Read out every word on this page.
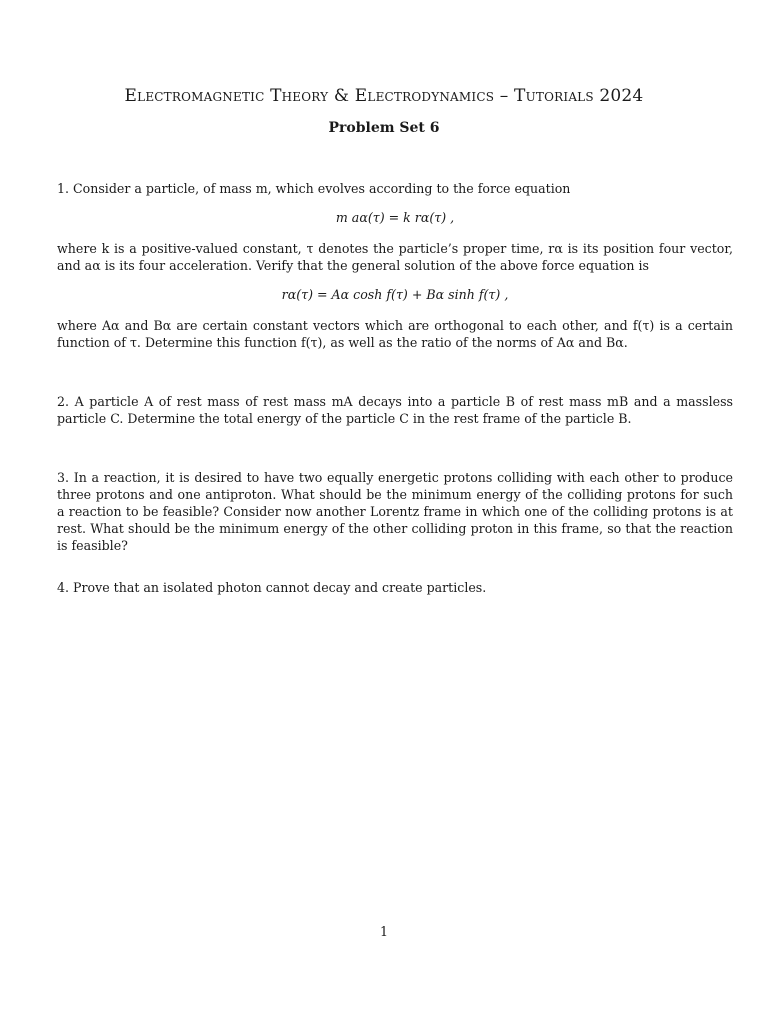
Electromagnetic Theory & Electrodynamics – Tutorials 2024
Problem Set 6
1. Consider a particle, of mass m, which evolves according to the force equation
m aα(τ) = k rα(τ) ,
where k is a positive-valued constant, τ denotes the particle’s proper time, rα is its position four vector, and aα is its four acceleration. Verify that the general solution of the above force equation is
rα(τ) = Aα cosh f(τ) + Bα sinh f(τ) ,
where Aα and Bα are certain constant vectors which are orthogonal to each other, and f(τ) is a certain function of τ. Determine this function f(τ), as well as the ratio of the norms of Aα and Bα.
2. A particle A of rest mass of rest mass mA decays into a particle B of rest mass mB and a massless particle C. Determine the total energy of the particle C in the rest frame of the particle B.
3. In a reaction, it is desired to have two equally energetic protons colliding with each other to produce three protons and one antiproton. What should be the minimum energy of the colliding protons for such a reaction to be feasible? Consider now another Lorentz frame in which one of the colliding protons is at rest. What should be the minimum energy of the other colliding proton in this frame, so that the reaction is feasible?
4. Prove that an isolated photon cannot decay and create particles.
1
